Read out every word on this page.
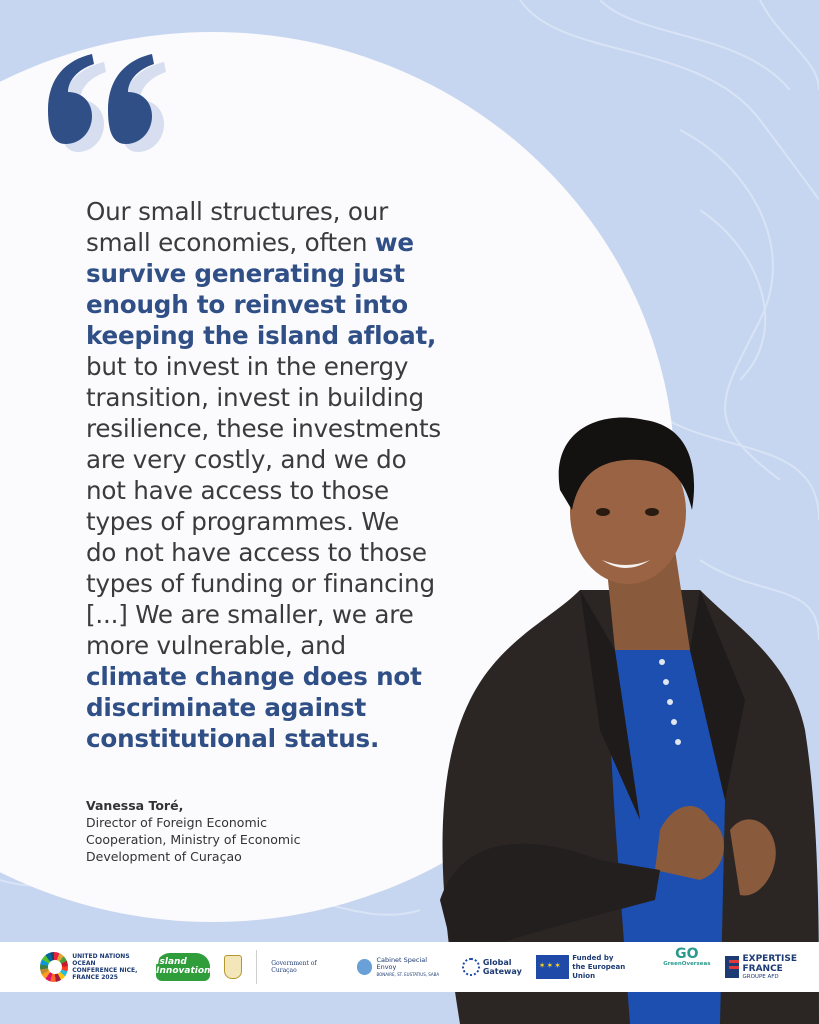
Our small structures, our
small economies, often we
survive generating just
enough to reinvest into
keeping the island afloat,
but to invest in the energy
transition, invest in building
resilience, these investments
are very costly, and we do
not have access to those
types of programmes. We
do not have access to those
types of funding or financing
[...] We are smaller, we are
more vulnerable, and
climate change does not
discriminate against
constitutional status.
Vanessa Toré,
Director of Foreign Economic
Cooperation, Ministry of Economic
Development of Curaçao
UNITED NATIONS OCEAN CONFERENCE NICE, FRANCE 2025
Island Innovation
Government of Curaçao
Cabinet Special Envoy
BONAIRE, ST. EUSTATIUS, SABA
Global
Gateway
✶✶✶
Funded by
the European Union
GO
GreenOverseas
EXPERTISE
FRANCE
GROUPE AFD
